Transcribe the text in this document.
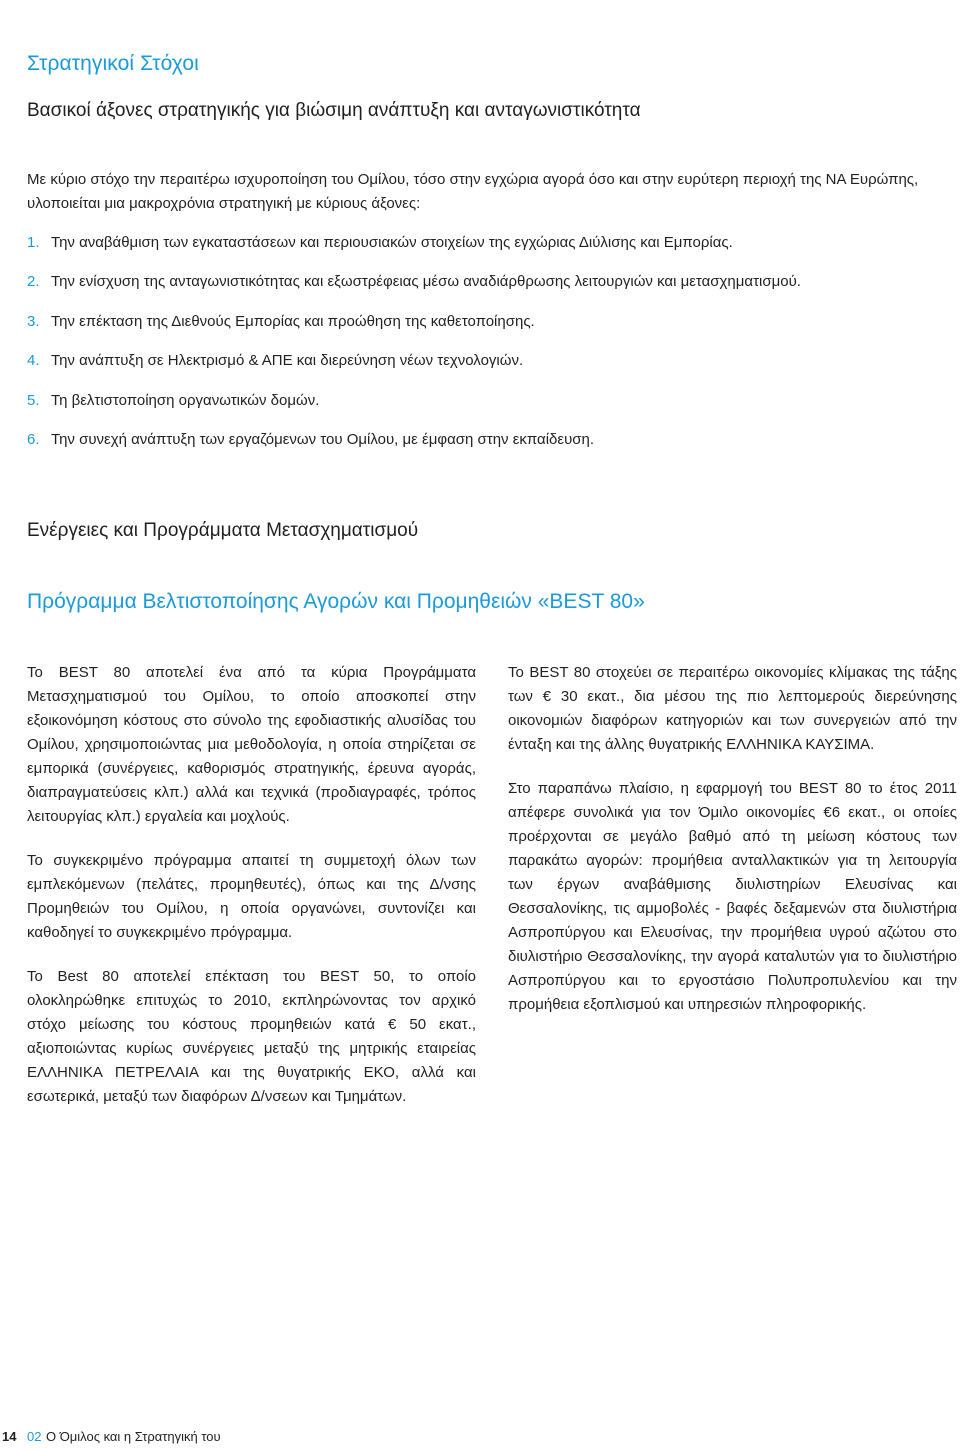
Στρατηγικοί Στόχοι
Βασικοί άξονες στρατηγικής για βιώσιμη ανάπτυξη και ανταγωνιστικότητα

Με κύριο στόχο την περαιτέρω ισχυροποίηση του Ομίλου, τόσο στην εγχώρια αγορά όσο και στην ευρύτερη περιοχή της ΝΑ Ευρώπης, υλοποιείται μια μακροχρόνια στρατηγική με κύριους άξονες:

1. Την αναβάθμιση των εγκαταστάσεων και περιουσιακών στοιχείων της εγχώριας Διύλισης και Εμπορίας.
2. Την ενίσχυση της ανταγωνιστικότητας και εξωστρέφειας μέσω αναδιάρθρωσης λειτουργιών και μετασχηματισμού.
3. Την επέκταση της Διεθνούς Εμπορίας και προώθηση της καθετοποίησης.
4. Την ανάπτυξη σε Ηλεκτρισμό & ΑΠΕ και διερεύνηση νέων τεχνολογιών.
5. Τη βελτιστοποίηση οργανωτικών δομών.
6. Την συνεχή ανάπτυξη των εργαζόμενων του Ομίλου, με έμφαση στην εκπαίδευση.
Ενέργειες και Προγράμματα Μετασχηματισμού
Πρόγραμμα Βελτιστοποίησης Αγορών και Προμηθειών «BEST 80»

Το BEST 80 αποτελεί ένα από τα κύρια Προγράμματα Μετασχηματισμού του Ομίλου, το οποίο αποσκοπεί στην εξοικονόμηση κόστους στο σύνολο της εφοδιαστικής αλυσίδας του Ομίλου, χρησιμοποιώντας μια μεθοδολογία, η οποία στηρίζεται σε εμπορικά (συνέργειες, καθορισμός στρατηγικής, έρευνα αγοράς, διαπραγματεύσεις κλπ.) αλλά και τεχνικά (προδιαγραφές, τρόπος λειτουργίας κλπ.) εργαλεία και μοχλούς.

Το συγκεκριμένο πρόγραμμα απαιτεί τη συμμετοχή όλων των εμπλεκόμενων (πελάτες, προμηθευτές), όπως και της Δ/νσης Προμηθειών του Ομίλου, η οποία οργανώνει, συντονίζει και καθοδηγεί το συγκεκριμένο πρόγραμμα.

Το Best 80 αποτελεί επέκταση του BEST 50, το οποίο ολοκληρώθηκε επιτυχώς το 2010, εκπληρώνοντας τον αρχικό στόχο μείωσης του κόστους προμηθειών κατά € 50 εκατ., αξιοποιώντας κυρίως συνέργειες μεταξύ της μητρικής εταιρείας ΕΛΛΗΝΙΚΑ ΠΕΤΡΕΛΑΙΑ και της θυγατρικής ΕΚΟ, αλλά και εσωτερικά, μεταξύ των διαφόρων Δ/νσεων και Τμημάτων.

Το BEST 80 στοχεύει σε περαιτέρω οικονομίες κλίμακας της τάξης των € 30 εκατ., δια μέσου της πιο λεπτομερούς διερεύνησης οικονομιών διαφόρων κατηγοριών και των συνεργειών από την ένταξη και της άλλης θυγατρικής ΕΛΛΗΝΙΚΑ ΚΑΥΣΙΜΑ.

Στο παραπάνω πλαίσιο, η εφαρμογή του BEST 80 το έτος 2011 απέφερε συνολικά για τον Όμιλο οικονομίες €6 εκατ., οι οποίες προέρχονται σε μεγάλο βαθμό από τη μείωση κόστους των παρακάτω αγορών: προμήθεια ανταλλακτικών για τη λειτουργία των έργων αναβάθμισης διυλιστηρίων Ελευσίνας και Θεσσαλονίκης, τις αμμοβολές - βαφές δεξαμενών στα διυλιστήρια Ασπροπύργου και Ελευσίνας, την προμήθεια υγρού αζώτου στο διυλιστήριο Θεσσαλονίκης, την αγορά καταλυτών για το διυλιστήριο Ασπροπύργου και το εργοστάσιο Πολυπροπυλενίου και την προμήθεια εξοπλισμού και υπηρεσιών πληροφορικής.

14 02 Ο Όμιλος και η Στρατηγική του
